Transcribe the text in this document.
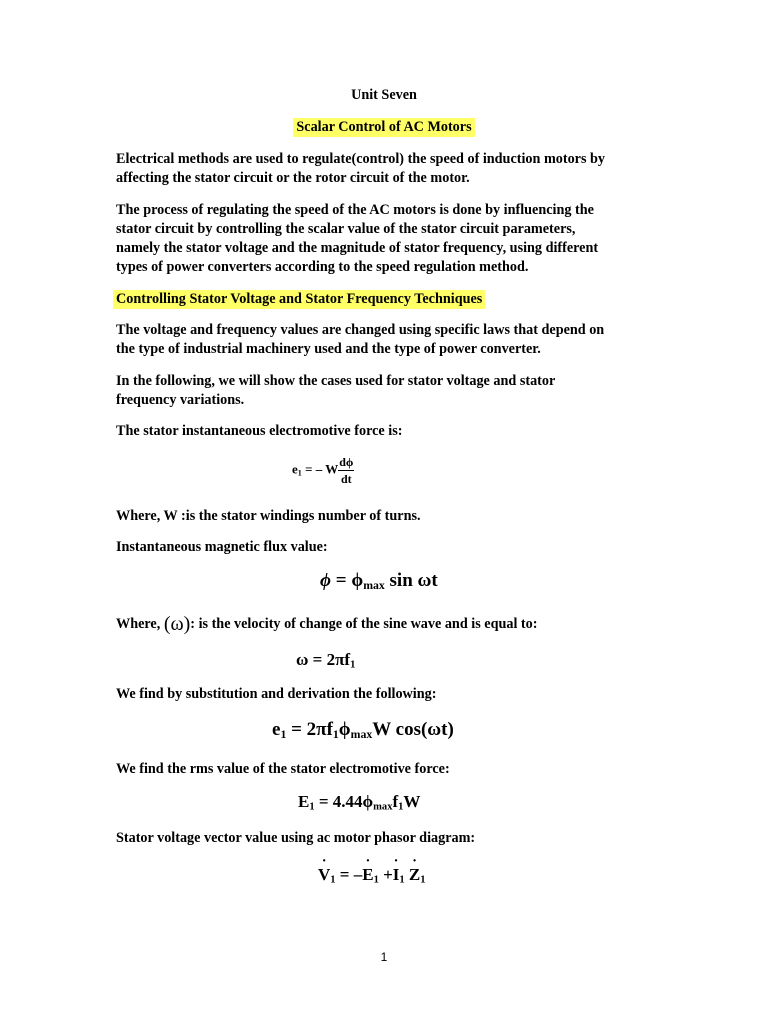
Unit Seven
Scalar Control of AC Motors
Electrical methods are used to regulate(control) the speed of induction motors by
affecting the stator circuit or the rotor circuit of the motor.
The process of regulating the speed of the AC motors is done by influencing the
stator circuit by controlling the scalar value of the stator circuit parameters,
namely the stator voltage and the magnitude of stator frequency, using different
types of power converters according to the speed regulation method.
Controlling Stator Voltage and Stator Frequency Techniques
The voltage and frequency values are changed using specific laws that depend on
the type of industrial machinery used and the type of power converter.
In the following, we will show the cases used for stator voltage and stator
frequency variations.
The stator instantaneous electromotive force is:
$e_1$ = – W $\frac{d\phi}{dt}$
Where, W :is the stator windings number of turns.
Instantaneous magnetic flux value:
$\phi = \phi_{max}$ sin ωt
Where, (ω): is the velocity of change of the sine wave and is equal to:
$\omega = 2\pi f_1$
We find by substitution and derivation the following:
$e_1 = 2\pi f_1\phi_{max}W$ cos(ωt)
We find the rms value of the stator electromotive force:
$E_1 = 4.44\phi_{max}f_1W$
Stator voltage vector value using ac motor phasor diagram:
˙ $V_1$ = –˙ $E_1$ +˙ $I_1$ ˙ $Z_1$
1
